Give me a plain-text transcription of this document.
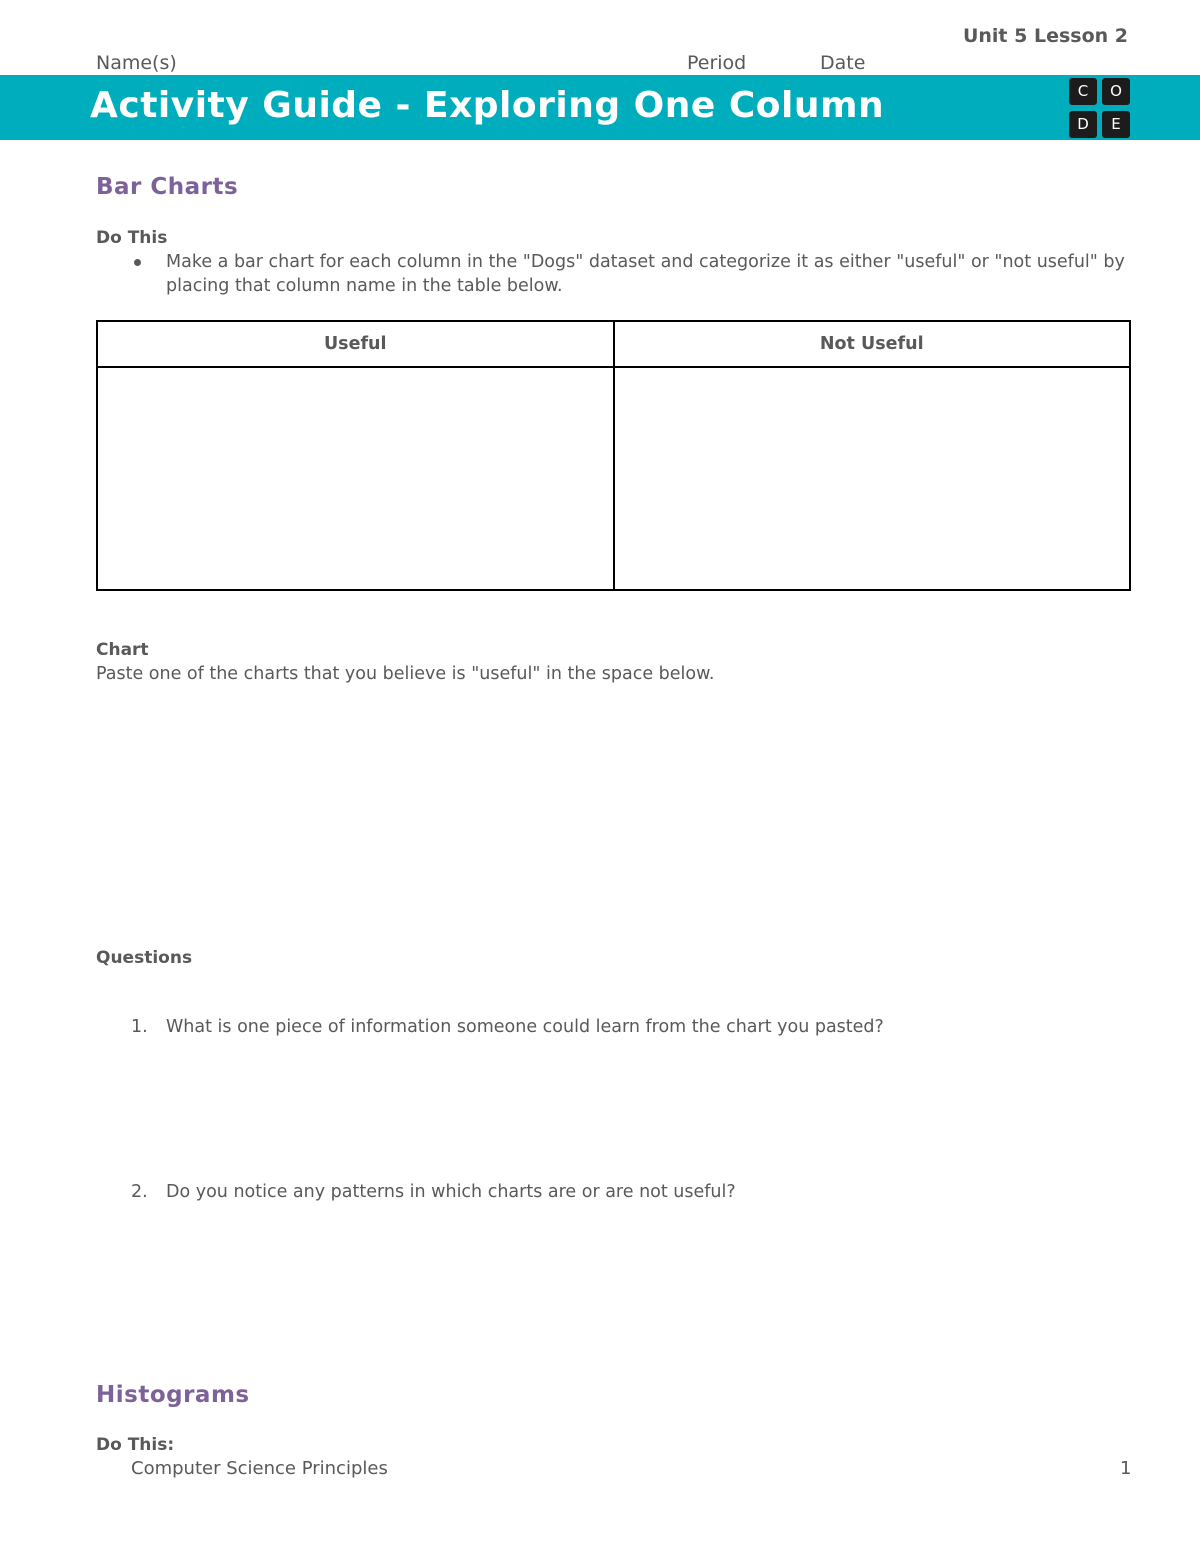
Unit 5 Lesson 2
Name(s)	Period	Date
Activity Guide - Exploring One Column	C	O
D	E
Bar Charts
Do This
Make a bar chart for each column in the "Dogs" dataset and categorize it as either "useful" or "not useful" by
placing that column name in the table below.
Useful	Not Useful

Chart
Paste one of the charts that you believe is "useful" in the space below.
Questions
1. What is one piece of information someone could learn from the chart you pasted?
2. Do you notice any patterns in which charts are or are not useful?
Histograms
Do This:
Computer Science Principles	1
